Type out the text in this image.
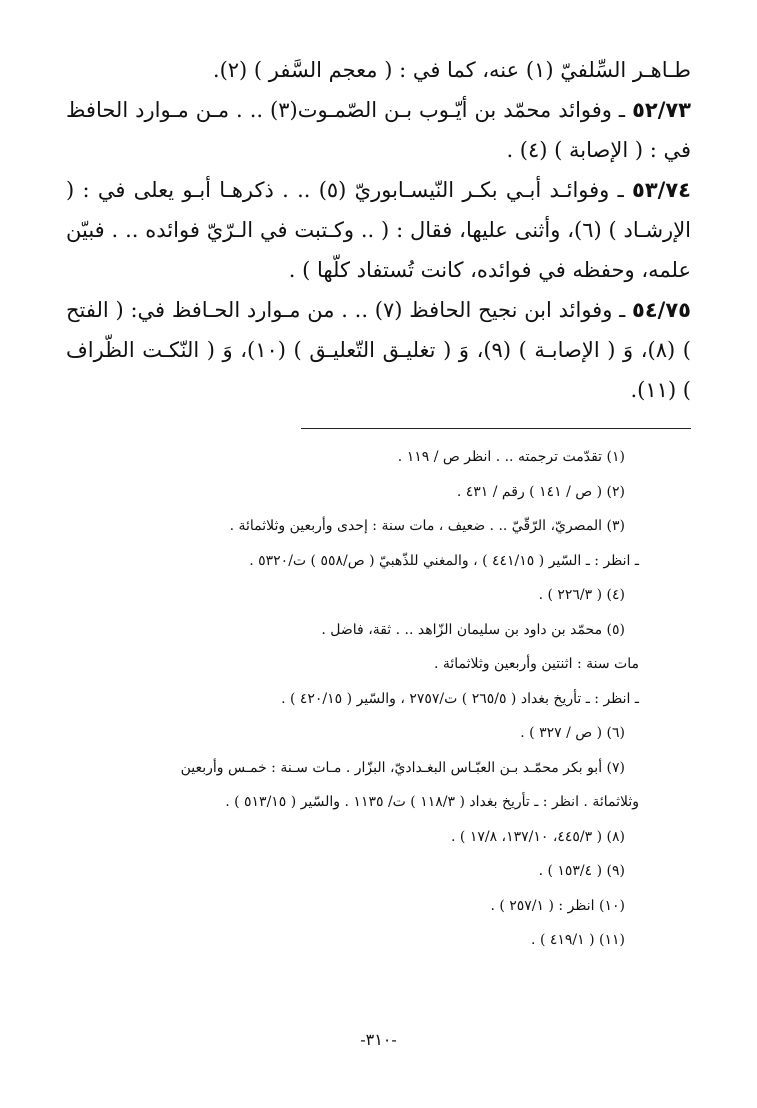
طـاهـر السِّلفيّ (١) عنه، كما في : ( معجم السَّفر ) (٢).

٥٢/٧٣ ـ وفوائد محمّد بن أيّـوب بـن الصّمـوت(٣) .. . مـن مـوارد الحافظ في : ( الإصابة ) (٤) .

٥٣/٧٤ ـ وفوائـد أبـي بكـر النّيسـابوريّ (٥) .. . ذكرهـا أبـو يعلى في : ( الإرشـاد ) (٦)، وأثنى عليها، فقال : ( .. وكـتبت في الـرّيّ فوائده .. . فبيّن علمه، وحفظه في فوائده، كانت تُستفاد كلّها ) .

٥٤/٧٥ ـ وفوائد ابن نجيح الحافظ (٧) .. . من مـوارد الحـافظ في: ( الفتح ) (٨)، وَ ( الإصابـة ) (٩)، وَ ( تغليـق التّعليـق ) (١٠)، وَ ( النّكـت الظّراف ) (١١).

(١) تقدّمت ترجمته .. . انظر ص / ١١٩ .

(٢) ( ص / ١٤١ ) رقم / ٤٣١ .

(٣) المصريّ، الرّقّيّ .. . ضعيف ، مات سنة : إحدى وأربعين وثلاثمائة .

ـ انظر : ـ السّير ( ٤٤١/١٥ ) ، والمغني للذّهبيّ ( ص/٥٥٨ ) ت/٥٣٢٠ .

(٤) ( ٢٢٦/٣ ) .

(٥) محمّد بن داود بن سليمان الزّاهد .. . ثقة، فاضل .

مات سنة : اثنتين وأربعين وثلاثمائة .

ـ انظر : ـ تأريخ بغداد ( ٢٦٥/٥ ) ت/٢٧٥٧ ، والسّير ( ٤٢٠/١٥ ) .

(٦) ( ص / ٣٢٧ ) .

(٧) أبو بكر محمّـد بـن العبّـاس البغـداديّ، البزّار . مـات سـنة : خمـس وأربعين

وثلاثمائة . انظر : ـ تأريخ بغداد ( ١١٨/٣ ) ت/ ١١٣٥ . والسّير ( ٥١٣/١٥ ) .

(٨) ( ٤٤٥/٣، ١٣٧/١٠، ١٧/٨ ) .

(٩) ( ١٥٣/٤ ) .

(١٠) انظر : ( ٢٥٧/١ ) .

(١١) ( ٤١٩/١ ) .

-٣١٠-
